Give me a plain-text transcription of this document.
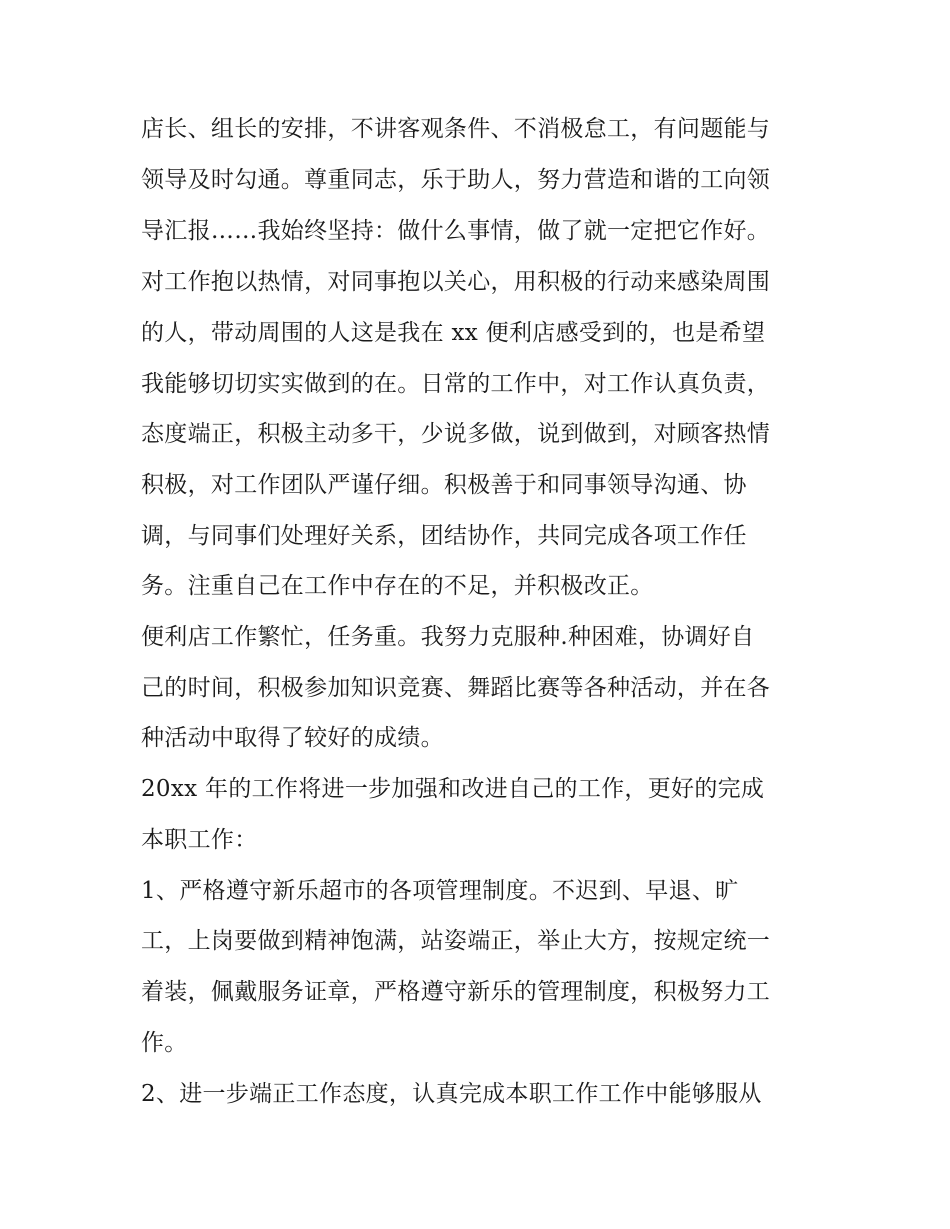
店长、组长的安排，不讲客观条件、不消极怠工，有问题能与
领导及时勾通。尊重同志，乐于助人，努力营造和谐的工向领
导汇报……我始终坚持：做什么事情，做了就一定把它作好。
对工作抱以热情，对同事抱以关心，用积极的行动来感染周围
的人，带动周围的人这是我在 xx 便利店感受到的，也是希望
我能够切切实实做到的在。日常的工作中，对工作认真负责，
态度端正，积极主动多干，少说多做，说到做到，对顾客热情
积极，对工作团队严谨仔细。积极善于和同事领导沟通、协
调，与同事们处理好关系，团结协作，共同完成各项工作任
务。注重自己在工作中存在的不足，并积极改正。
便利店工作繁忙，任务重。我努力克服种.种困难，协调好自
己的时间，积极参加知识竞赛、舞蹈比赛等各种活动，并在各
种活动中取得了较好的成绩。
20xx 年的工作将进一步加强和改进自己的工作，更好的完成
本职工作：
1、严格遵守新乐超市的各项管理制度。不迟到、早退、旷
工，上岗要做到精神饱满，站姿端正，举止大方，按规定统一
着装，佩戴服务证章，严格遵守新乐的管理制度，积极努力工
作。
2、进一步端正工作态度，认真完成本职工作工作中能够服从
